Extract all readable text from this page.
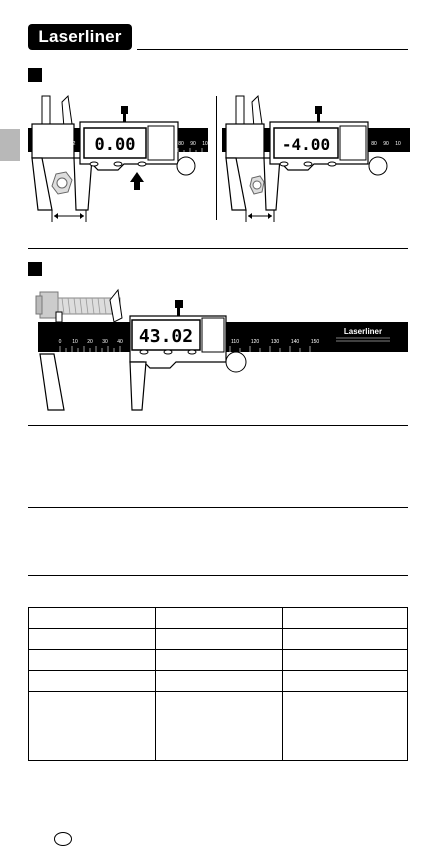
Laserliner
0.00
0 10 2	80 90 10	-4.00
0 10	80 90 10
43.02
0 10 20 30 40	110 120 130 140 150
Laserliner
